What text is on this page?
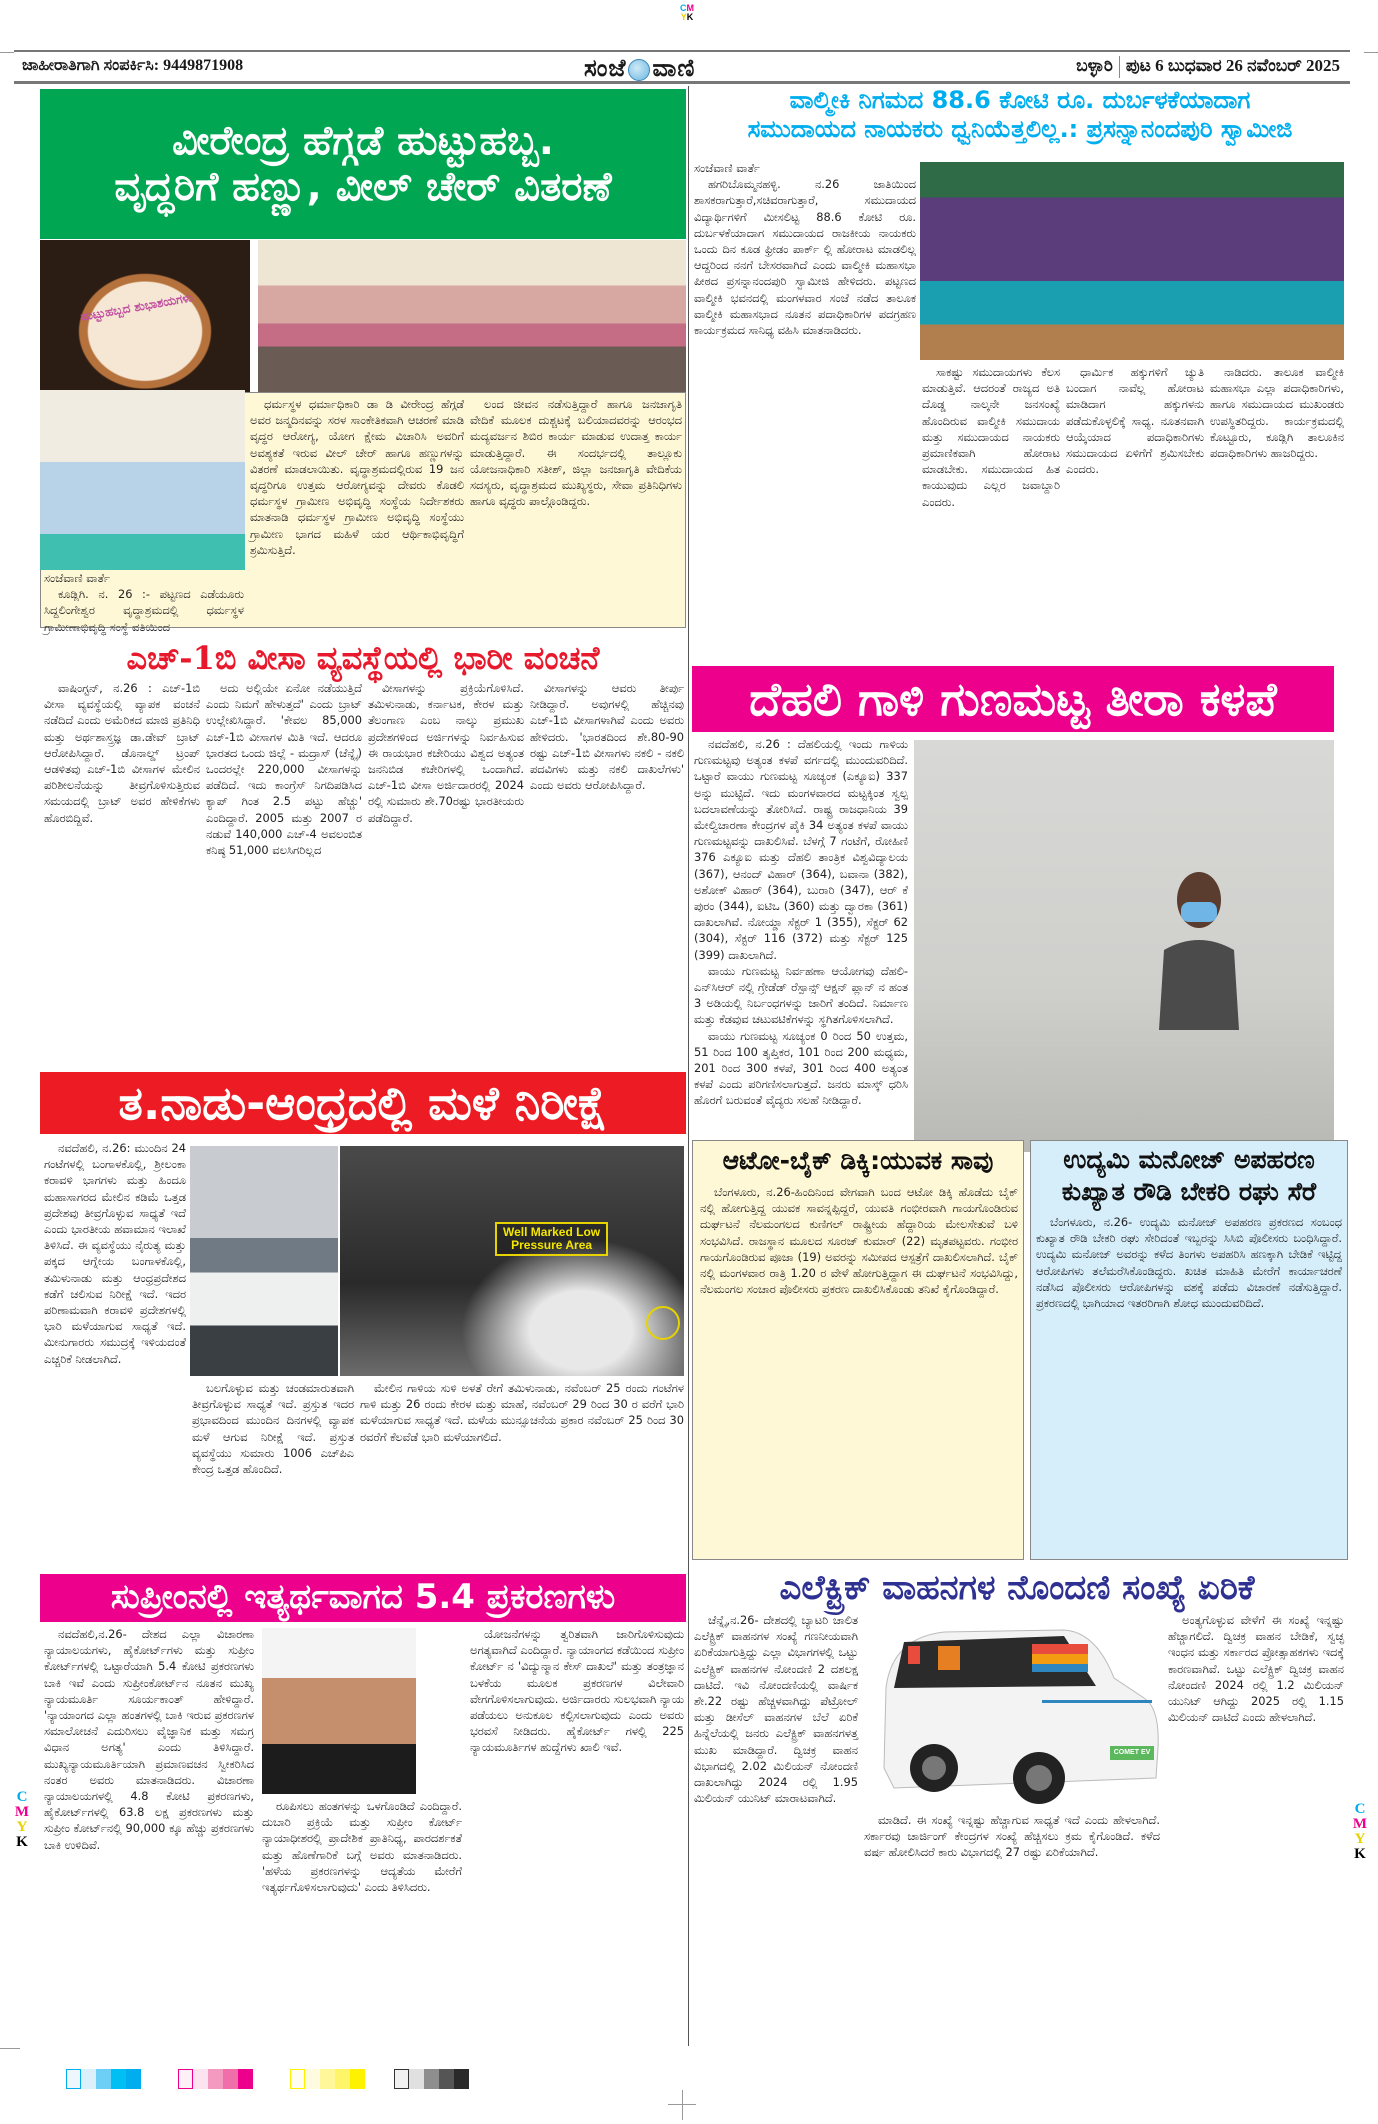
CM
YK
C
M
Y
K
C
M
Y
K
ಜಾಹೀರಾತಿಗಾಗಿ ಸಂಪರ್ಕಿಸಿ: 9449871908	ಸಂಜೆ ವಾಣಿ	ಬಳ್ಳಾರಿ ಪುಟ 6 ಬುಧವಾರ 26 ನವೆಂಬರ್ 2025
ವೀರೇಂದ್ರ ಹೆಗ್ಗಡೆ ಹುಟ್ಟುಹಬ್ಬ.
ವೃದ್ಧರಿಗೆ ಹಣ್ಣು, ವೀಲ್ ಚೇರ್ ವಿತರಣೆ
ಹುಟ್ಟುಹಬ್ಬದ ಶುಭಾಶಯಗಳು

ಸಂಜೆವಾಣಿ ವಾರ್ತೆ

ಕೂಡ್ಲಿಗಿ. ನ. 26 :- ಪಟ್ಟಣದ ಎಡೆಯೂರು ಸಿದ್ದಲಿಂಗೇಶ್ವರ ವೃದ್ಧಾಶ್ರಮದಲ್ಲಿ ಧರ್ಮಸ್ಥಳ ಗ್ರಾಮೀಣಾಭಿವೃದ್ಧಿ ಸಂಸ್ಥೆ ವತಿಯಿಂದ

ಧರ್ಮಸ್ಥಳ ಧರ್ಮಾಧಿಕಾರಿ ಡಾ ಡಿ ವೀರೇಂದ್ರ ಹೆಗ್ಗಡೆ ಅವರ ಜನ್ಮದಿನವನ್ನು ಸರಳ ಸಾಂಕೇತಿಕವಾಗಿ ಆಚರಣೆ ಮಾಡಿ ವೃದ್ಧರ ಆರೋಗ್ಯ, ಯೋಗ ಕ್ಷೇಮ ವಿಚಾರಿಸಿ ಅವರಿಗೆ ಅವಶ್ಯಕತೆ ಇರುವ ವೀಲ್ ಚೇರ್ ಹಾಗೂ ಹಣ್ಣುಗಳನ್ನು ವಿತರಣೆ ಮಾಡಲಾಯಿತು. ವೃದ್ಧಾಶ್ರಮದಲ್ಲಿರುವ 19 ಜನ ವೃದ್ಧರಿಗೂ ಉತ್ತಮ ಆರೋಗ್ಯವನ್ನು ದೇವರು ಕೊಡಲಿ ಧರ್ಮಸ್ಥಳ ಗ್ರಾಮೀಣ ಅಭಿವೃದ್ಧಿ ಸಂಸ್ಥೆಯ ನಿರ್ದೇಶಕರು ಮಾತನಾಡಿ ಧರ್ಮಸ್ಥಳ ಗ್ರಾಮೀಣ ಅಭಿವೃದ್ಧಿ ಸಂಸ್ಥೆಯು ಗ್ರಾಮೀಣ ಭಾಗದ ಮಹಿಳೆ ಯರ ಆರ್ಥಿಕಾಭಿವೃದ್ಧಿಗೆ ಶ್ರಮಿಸುತ್ತಿದೆ.

ಲಂದ ಜೀವನ ನಡೆಸುತ್ತಿದ್ದಾರೆ ಹಾಗೂ ಜನಜಾಗೃತಿ ವೇದಿಕೆ ಮೂಲಕ ದುಶ್ಚಟಕ್ಕೆ ಬಲಿಯಾದವರನ್ನು ಆರಂಭದ ಮದ್ಯವರ್ಜನ ಶಿಬಿರ ಕಾರ್ಯ ಮಾಡುವ ಉದಾತ್ತ ಕಾರ್ಯ ಮಾಡುತ್ತಿದ್ದಾರೆ. ಈ ಸಂದರ್ಭದಲ್ಲಿ ತಾಲ್ಲೂಕು ಯೋಜನಾಧಿಕಾರಿ ಸತೀಶ್, ಜಿಲ್ಲಾ ಜನಜಾಗೃತಿ ವೇದಿಕೆಯ ಸದಸ್ಯರು, ವೃದ್ಧಾಶ್ರಮದ ಮುಖ್ಯಸ್ಥರು, ಸೇವಾ ಪ್ರತಿನಿಧಿಗಳು ಹಾಗೂ ವೃದ್ಧರು ಪಾಲ್ಗೊಂಡಿದ್ದರು.

ಎಚ್-1ಬಿ ವೀಸಾ ವ್ಯವಸ್ಥೆಯಲ್ಲಿ ಭಾರೀ ವಂಚನೆ

ವಾಷಿಂಗ್ಟನ್, ನ.26 : ಎಚ್-1ಬಿ ವೀಸಾ ವ್ಯವಸ್ಥೆಯಲ್ಲಿ ವ್ಯಾಪಕ ವಂಚನೆ ನಡೆದಿದೆ ಎಂದು ಅಮೆರಿಕದ ಮಾಜಿ ಪ್ರತಿನಿಧಿ ಮತ್ತು ಅರ್ಥಶಾಸ್ತ್ರಜ್ಞ ಡಾ.ಡೇವ್ ಬ್ರಾಟ್ ಆರೋಪಿಸಿದ್ದಾರೆ. ಡೊನಾಲ್ಡ್ ಟ್ರಂಪ್ ಆಡಳಿತವು ಎಚ್-1ಬಿ ವೀಸಾಗಳ ಮೇಲಿನ ಪರಿಶೀಲನೆಯನ್ನು ತೀವ್ರಗೊಳಿಸುತ್ತಿರುವ ಸಮಯದಲ್ಲಿ ಬ್ರಾಟ್ ಅವರ ಹೇಳಿಕೆಗಳು ಹೊರಬಿದ್ದಿವೆ.

ಅದು ಅಲ್ಲಿಯೇ ಏನೋ ನಡೆಯುತ್ತಿದೆ ಎಂದು ನಿಮಗೆ ಹೇಳುತ್ತದೆ' ಎಂದು ಬ್ರಾಟ್ ಉಲ್ಲೇಖಿಸಿದ್ದಾರೆ. 'ಕೇವಲ 85,000 ಎಚ್-1ಬಿ ವೀಸಾಗಳ ಮಿತಿ ಇದೆ. ಆದರೂ ಭಾರತದ ಒಂದು ಜಿಲ್ಲೆ - ಮದ್ರಾಸ್ (ಚೆನ್ನೈ) ಒಂದರಲ್ಲೇ 220,000 ವೀಸಾಗಳನ್ನು ಪಡೆದಿದೆ. ಇದು ಕಾಂಗ್ರೆಸ್ ನಿಗದಿಪಡಿಸಿದ ಕ್ಯಾಪ್ ಗಿಂತ 2.5 ಪಟ್ಟು ಹೆಚ್ಚು' ಎಂದಿದ್ದಾರೆ. 2005 ಮತ್ತು 2007 ರ ನಡುವೆ 140,000 ಎಚ್-4 ಅವಲಂಬಿತ ಕನಿಷ್ಠ 51,000 ವಲಸಿಗರಿಲ್ಲದ

ವೀಸಾಗಳನ್ನು ಪ್ರಕ್ರಿಯೆಗೊಳಿಸಿದೆ. ತಮಿಳುನಾಡು, ಕರ್ನಾಟಕ, ಕೇರಳ ಮತ್ತು ತೆಲಂಗಾಣ ಎಂಬ ನಾಲ್ಕು ಪ್ರಮುಖ ಪ್ರದೇಶಗಳಿಂದ ಅರ್ಜಿಗಳನ್ನು ನಿರ್ವಹಿಸುವ ಈ ರಾಯಭಾರ ಕಚೇರಿಯು ವಿಶ್ವದ ಅತ್ಯಂತ ಜನನಿಬಿಡ ಕಚೇರಿಗಳಲ್ಲಿ ಒಂದಾಗಿದೆ. ಎಚ್-1ಬಿ ವೀಸಾ ಅರ್ಜಿದಾರರಲ್ಲಿ 2024 ರಲ್ಲಿ ಸುಮಾರು ಶೇ.70ರಷ್ಟು ಭಾರತೀಯರು ಪಡೆದಿದ್ದಾರೆ.

ವೀಸಾಗಳನ್ನು ಆವರು ತೀರ್ಪು ನೀಡಿದ್ದಾರೆ. ಅವುಗಳಲ್ಲಿ ಹೆಚ್ಚಿನವು ಎಚ್-1ಬಿ ವೀಸಾಗಳಾಗಿವೆ ಎಂದು ಅವರು ಹೇಳಿದರು. 'ಭಾರತದಿಂದ ಶೇ.80-90 ರಷ್ಟು ಎಚ್-1ಬಿ ವೀಸಾಗಳು ನಕಲಿ - ನಕಲಿ ಪದವಿಗಳು ಮತ್ತು ನಕಲಿ ದಾಖಲೆಗಳು' ಎಂದು ಅವರು ಆರೋಪಿಸಿದ್ದಾರೆ.

ತ.ನಾಡು-ಆಂಧ್ರದಲ್ಲಿ ಮಳೆ ನಿರೀಕ್ಷೆ

ನವದೆಹಲಿ, ನ.26: ಮುಂದಿನ 24 ಗಂಟೆಗಳಲ್ಲಿ ಬಂಗಾಳಕೊಲ್ಲಿ, ಶ್ರೀಲಂಕಾ ಕರಾವಳಿ ಭಾಗಗಳು ಮತ್ತು ಹಿಂದೂ ಮಹಾಸಾಗರದ ಮೇಲಿನ ಕಡಿಮೆ ಒತ್ತಡ ಪ್ರದೇಶವು ತೀವ್ರಗೊಳ್ಳುವ ಸಾಧ್ಯತೆ ಇದೆ ಎಂದು ಭಾರತೀಯ ಹವಾಮಾನ ಇಲಾಖೆ ತಿಳಿಸಿದೆ. ಈ ವ್ಯವಸ್ಥೆಯು ನೈರುತ್ಯ ಮತ್ತು ಪಕ್ಕದ ಆಗ್ನೇಯ ಬಂಗಾಳಕೊಲ್ಲಿ, ತಮಿಳುನಾಡು ಮತ್ತು ಆಂಧ್ರಪ್ರದೇಶದ ಕಡೆಗೆ ಚಲಿಸುವ ನಿರೀಕ್ಷೆ ಇದೆ. ಇದರ ಪರಿಣಾಮವಾಗಿ ಕರಾವಳಿ ಪ್ರದೇಶಗಳಲ್ಲಿ ಭಾರಿ ಮಳೆಯಾಗುವ ಸಾಧ್ಯತೆ ಇದೆ. ಮೀನುಗಾರರು ಸಮುದ್ರಕ್ಕೆ ಇಳಿಯದಂತೆ ಎಚ್ಚರಿಕೆ ನೀಡಲಾಗಿದೆ.

Well Marked Low
Pressure Area

ಬಲಗೊಳ್ಳುವ ಮತ್ತು ಚಂಡಮಾರುತವಾಗಿ ತೀವ್ರಗೊಳ್ಳುವ ಸಾಧ್ಯತೆ ಇದೆ. ಪ್ರಸ್ತುತ ಇದರ ಪ್ರಭಾವದಿಂದ ಮುಂದಿನ ದಿನಗಳಲ್ಲಿ ವ್ಯಾಪಕ ಮಳೆ ಆಗುವ ನಿರೀಕ್ಷೆ ಇದೆ. ಪ್ರಸ್ತುತ ವ್ಯವಸ್ಥೆಯು ಸುಮಾರು 1006 ಎಚ್‌ಪಿಎ ಕೇಂದ್ರ ಒತ್ತಡ ಹೊಂದಿದೆ.

ಮೇಲಿನ ಗಾಳಿಯ ಸುಳಿ ಅಳತೆ ರೇಗೆ ತಮಿಳುನಾಡು, ನವೆಂಬರ್ 25 ರಂದು ಗಂಟೆಗಳ ಗಾಳಿ ಮತ್ತು 26 ರಂದು ಕೇರಳ ಮತ್ತು ಮಾಹೆ, ನವೆಂಬರ್ 29 ರಿಂದ 30 ರ ವರೆಗೆ ಭಾರಿ ಮಳೆಯಾಗುವ ಸಾಧ್ಯತೆ ಇದೆ. ಮಳೆಯ ಮುನ್ಸೂಚನೆಯ ಪ್ರಕಾರ ನವೆಂಬರ್ 25 ರಿಂದ 30 ರವರೆಗೆ ಕೆಲವೆಡೆ ಭಾರಿ ಮಳೆಯಾಗಲಿದೆ.

ಸುಪ್ರೀಂನಲ್ಲಿ ಇತ್ಯರ್ಥವಾಗದ 5.4 ಪ್ರಕರಣಗಳು

ನವದೆಹಲಿ,ನ.26- ದೇಶದ ಎಲ್ಲಾ ವಿಚಾರಣಾ ನ್ಯಾಯಾಲಯಗಳು, ಹೈಕೋರ್ಟ್‌ಗಳು ಮತ್ತು ಸುಪ್ರೀಂ ಕೋರ್ಟ್‌ಗಳಲ್ಲಿ ಒಟ್ಟಾರೆಯಾಗಿ 5.4 ಕೋಟಿ ಪ್ರಕರಣಗಳು ಬಾಕಿ ಇವೆ ಎಂದು ಸುಪ್ರೀಂಕೋರ್ಟ್‌ನ ನೂತನ ಮುಖ್ಯ ನ್ಯಾಯಮೂರ್ತಿ ಸೂರ್ಯಕಾಂತ್ ಹೇಳಿದ್ದಾರೆ. 'ನ್ಯಾಯಾಂಗದ ಎಲ್ಲಾ ಹಂತಗಳಲ್ಲಿ ಬಾಕಿ ಇರುವ ಪ್ರಕರಣಗಳ ಸಮಾಲೋಚನೆ ಎದುರಿಸಲು ವೈಜ್ಞಾನಿಕ ಮತ್ತು ಸಮಗ್ರ ವಿಧಾನ ಅಗತ್ಯ' ಎಂದು ತಿಳಿಸಿದ್ದಾರೆ. ಮುಖ್ಯನ್ಯಾಯಮೂರ್ತಿಯಾಗಿ ಪ್ರಮಾಣವಚನ ಸ್ವೀಕರಿಸಿದ ನಂತರ ಅವರು ಮಾತನಾಡಿದರು. ವಿಚಾರಣಾ ನ್ಯಾಯಾಲಯಗಳಲ್ಲಿ 4.8 ಕೋಟಿ ಪ್ರಕರಣಗಳು, ಹೈಕೋರ್ಟ್‌ಗಳಲ್ಲಿ 63.8 ಲಕ್ಷ ಪ್ರಕರಣಗಳು ಮತ್ತು ಸುಪ್ರೀಂ ಕೋರ್ಟ್‌ನಲ್ಲಿ 90,000 ಕ್ಕೂ ಹೆಚ್ಚು ಪ್ರಕರಣಗಳು ಬಾಕಿ ಉಳಿದಿವೆ.

ರೂಪಿಸಲು ಹಂತಗಳನ್ನು ಒಳಗೊಂಡಿದೆ ಎಂದಿದ್ದಾರೆ. ದುಬಾರಿ ಪ್ರಕ್ರಿಯೆ ಮತ್ತು ಸುಪ್ರೀಂ ಕೋರ್ಟ್ ನ್ಯಾಯಾಧೀಶರಲ್ಲಿ ಪ್ರಾದೇಶಿಕ ಪ್ರಾತಿನಿಧ್ಯ, ಪಾರದರ್ಶಕತೆ ಮತ್ತು ಹೊಣೆಗಾರಿಕೆ ಬಗ್ಗೆ ಅವರು ಮಾತನಾಡಿದರು. 'ಹಳೆಯ ಪ್ರಕರಣಗಳನ್ನು ಆದ್ಯತೆಯ ಮೇರೆಗೆ ಇತ್ಯರ್ಥಗೊಳಿಸಲಾಗುವುದು' ಎಂದು ತಿಳಿಸಿದರು.

ಯೋಜನೆಗಳನ್ನು ತ್ವರಿತವಾಗಿ ಜಾರಿಗೊಳಿಸುವುದು ಅಗತ್ಯವಾಗಿದೆ ಎಂದಿದ್ದಾರೆ. ನ್ಯಾಯಾಂಗದ ಕಡೆಯಿಂದ ಸುಪ್ರೀಂ ಕೋರ್ಟ್ ನ 'ವಿದ್ಯುನ್ಮಾನ ಕೇಸ್ ದಾಖಲೆ' ಮತ್ತು ತಂತ್ರಜ್ಞಾನ ಬಳಕೆಯ ಮೂಲಕ ಪ್ರಕರಣಗಳ ವಿಲೇವಾರಿ ವೇಗಗೊಳಿಸಲಾಗುವುದು. ಅರ್ಜಿದಾರರು ಸುಲಭವಾಗಿ ನ್ಯಾಯ ಪಡೆಯಲು ಅನುಕೂಲ ಕಲ್ಪಿಸಲಾಗುವುದು ಎಂದು ಅವರು ಭರವಸೆ ನೀಡಿದರು. ಹೈಕೋರ್ಟ್ ಗಳಲ್ಲಿ 225 ನ್ಯಾಯಮೂರ್ತಿಗಳ ಹುದ್ದೆಗಳು ಖಾಲಿ ಇವೆ.

ವಾಲ್ಮೀಕಿ ನಿಗಮದ 88.6 ಕೋಟಿ ರೂ. ದುರ್ಬಳಕೆಯಾದಾಗ
ಸಮುದಾಯದ ನಾಯಕರು ಧ್ವನಿಯೆತ್ತಲಿಲ್ಲ.: ಪ್ರಸನ್ನಾನಂದಪುರಿ ಸ್ವಾಮೀಜಿ

ಸಂಜೆವಾಣಿ ವಾರ್ತೆ

ಹಗರಿಬೊಮ್ಮನಹಳ್ಳಿ. ನ.26 ಜಾತಿಯಿಂದ ಶಾಸಕರಾಗುತ್ತಾರೆ,ಸಚಿವರಾಗುತ್ತಾರೆ, ಸಮುದಾಯದ ವಿದ್ಯಾರ್ಥಿಗಳಿಗೆ ಮೀಸಲಿಟ್ಟ 88.6 ಕೋಟಿ ರೂ. ದುರ್ಬಳಕೆಯಾದಾಗ ಸಮುದಾಯದ ರಾಜಕೀಯ ನಾಯಕರು ಒಂದು ದಿನ ಕೂಡ ಫ್ರೀಡಂ ಪಾರ್ಕ್ ಲ್ಲಿ ಹೋರಾಟ ಮಾಡಲಿಲ್ಲ ಆದ್ದರಿಂದ ನನಗೆ ಬೇಸರವಾಗಿದೆ ಎಂದು ವಾಲ್ಮೀಕಿ ಮಹಾಸಭಾ ಪೀಠದ ಪ್ರಸನ್ನಾನಂದಪುರಿ ಸ್ವಾಮೀಜಿ ಹೇಳಿದರು. ಪಟ್ಟಣದ ವಾಲ್ಮೀಕಿ ಭವನದಲ್ಲಿ ಮಂಗಳವಾರ ಸಂಜೆ ನಡೆದ ತಾಲೂಕ ವಾಲ್ಮೀಕಿ ಮಹಾಸಭಾದ ನೂತನ ಪದಾಧಿಕಾರಿಗಳ ಪದಗ್ರಹಣ ಕಾರ್ಯಕ್ರಮದ ಸಾನಿಧ್ಯ ವಹಿಸಿ ಮಾತನಾಡಿದರು.

ಸಾಕಷ್ಟು ಸಮುದಾಯಗಳು ಕೆಲಸ ಮಾಡುತ್ತಿವೆ. ಆದರಂತೆ ರಾಜ್ಯದ ಅತಿ ದೊಡ್ಡ ನಾಲ್ಕನೇ ಜನಸಂಖ್ಯೆ ಹೊಂದಿರುವ ವಾಲ್ಮೀಕಿ ಸಮುದಾಯ ಮತ್ತು ಸಮುದಾಯದ ನಾಯಕರು ಪ್ರಮಾಣಿಕವಾಗಿ ಹೋರಾಟ ಮಾಡಬೇಕು. ಸಮುದಾಯದ ಹಿತ ಕಾಯುವುದು ಎಲ್ಲರ ಜವಾಬ್ದಾರಿ ಎಂದರು.

ಧಾರ್ಮಿಕ ಹಕ್ಕುಗಳಿಗೆ ಚ್ಯುತಿ ಬಂದಾಗ ನಾವೆಲ್ಲ ಹೋರಾಟ ಮಾಡಿದಾಗ ಹಕ್ಕುಗಳನು ಪಡೆದುಕೊಳ್ಳಲಿಕ್ಕೆ ಸಾಧ್ಯ. ನೂತನವಾಗಿ ಆಯ್ಕೆಯಾದ ಪದಾಧಿಕಾರಿಗಳು ಸಮುದಾಯದ ಏಳಿಗೆಗೆ ಶ್ರಮಿಸಬೇಕು ಎಂದರು.

ನಾಡಿದರು. ತಾಲೂಕ ವಾಲ್ಮೀಕಿ ಮಹಾಸಭಾ ಎಲ್ಲಾ ಪದಾಧಿಕಾರಿಗಳು, ಹಾಗೂ ಸಮುದಾಯದ ಮುಖಂಡರು ಉಪಸ್ಥಿತರಿದ್ದರು. ಕಾರ್ಯಕ್ರಮದಲ್ಲಿ ಕೊಟ್ಟೂರು, ಕೂಡ್ಲಿಗಿ ತಾಲೂಕಿನ ಪದಾಧಿಕಾರಿಗಳು ಹಾಜರಿದ್ದರು.

ದೆಹಲಿ ಗಾಳಿ ಗುಣಮಟ್ಟ ತೀರಾ ಕಳಪೆ

ನವದೆಹಲಿ, ನ.26 : ದೆಹಲಿಯಲ್ಲಿ ಇಂದು ಗಾಳಿಯ ಗುಣಮಟ್ಟವು ಅತ್ಯಂತ ಕಳಪೆ ವರ್ಗದಲ್ಲಿ ಮುಂದುವರಿದಿದೆ. ಒಟ್ಟಾರೆ ವಾಯು ಗುಣಮಟ್ಟ ಸೂಚ್ಯಂಕ (ಎಕ್ಯೂಐ) 337 ಅನ್ನು ಮುಟ್ಟಿದೆ. ಇದು ಮಂಗಳವಾರದ ಮಟ್ಟಕ್ಕಿಂತ ಸ್ವಲ್ಪ ಬದಲಾವಣೆಯನ್ನು ತೋರಿಸಿದೆ. ರಾಷ್ಟ್ರ ರಾಜಧಾನಿಯ 39 ಮೇಲ್ವಿಚಾರಣಾ ಕೇಂದ್ರಗಳ ಪೈಕಿ 34 ಅತ್ಯಂತ ಕಳಪೆ ವಾಯು ಗುಣಮಟ್ಟವನ್ನು ದಾಖಲಿಸಿವೆ. ಬೆಳಗ್ಗೆ 7 ಗಂಟೆಗೆ, ರೋಹಿಣಿ 376 ಎಕ್ಯೂಐ ಮತ್ತು ದೆಹಲಿ ತಾಂತ್ರಿಕ ವಿಶ್ವವಿದ್ಯಾಲಯ (367), ಆನಂದ್ ವಿಹಾರ್ (364), ಬವಾನಾ (382), ಅಶೋಕ್ ವಿಹಾರ್ (364), ಬುರಾರಿ (347), ಆರ್ ಕೆ ಪುರಂ (344), ಐಟಿಒ (360) ಮತ್ತು ದ್ವಾರಕಾ (361) ದಾಖಲಾಗಿವೆ. ನೋಯ್ಡಾ ಸೆಕ್ಟರ್ 1 (355), ಸೆಕ್ಟರ್ 62 (304), ಸೆಕ್ಟರ್ 116 (372) ಮತ್ತು ಸೆಕ್ಟರ್ 125 (399) ದಾಖಲಾಗಿದೆ.

ವಾಯು ಗುಣಮಟ್ಟ ನಿರ್ವಹಣಾ ಆಯೋಗವು ದೆಹಲಿ-ಎನ್‌ಸಿಆರ್ ನಲ್ಲಿ ಗ್ರೇಡೆಡ್ ರೆಸ್ಪಾನ್ಸ್ ಆಕ್ಷನ್ ಪ್ಲಾನ್ ನ ಹಂತ 3 ಅಡಿಯಲ್ಲಿ ನಿರ್ಬಂಧಗಳನ್ನು ಜಾರಿಗೆ ತಂದಿದೆ. ನಿರ್ಮಾಣ ಮತ್ತು ಕೆಡವುವ ಚಟುವಟಿಕೆಗಳನ್ನು ಸ್ಥಗಿತಗೊಳಿಸಲಾಗಿದೆ.

ವಾಯು ಗುಣಮಟ್ಟ ಸೂಚ್ಯಂಕ 0 ರಿಂದ 50 ಉತ್ತಮ, 51 ರಿಂದ 100 ತೃಪ್ತಿಕರ, 101 ರಿಂದ 200 ಮಧ್ಯಮ, 201 ರಿಂದ 300 ಕಳಪೆ, 301 ರಿಂದ 400 ಅತ್ಯಂತ ಕಳಪೆ ಎಂದು ಪರಿಗಣಿಸಲಾಗುತ್ತದೆ. ಜನರು ಮಾಸ್ಕ್ ಧರಿಸಿ ಹೊರಗೆ ಬರುವಂತೆ ವೈದ್ಯರು ಸಲಹೆ ನೀಡಿದ್ದಾರೆ.

ಆಟೋ-ಬೈಕ್ ಡಿಕ್ಕಿ:ಯುವಕ ಸಾವು

ಬೆಂಗಳೂರು, ನ.26-ಹಿಂದಿನಿಂದ ವೇಗವಾಗಿ ಬಂದ ಆಟೋ ಡಿಕ್ಕಿ ಹೊಡೆದು ಬೈಕ್ ನಲ್ಲಿ ಹೋಗುತ್ತಿದ್ದ ಯುವಕ ಸಾವನ್ನಪ್ಪಿದ್ದರೆ, ಯುವತಿ ಗಂಭೀರವಾಗಿ ಗಾಯಗೊಂಡಿರುವ ದುರ್ಘಟನೆ ನೆಲಮಂಗಲದ ಕುಣಿಗಲ್ ರಾಷ್ಟ್ರೀಯ ಹೆದ್ದಾರಿಯ ಮೇಲಸೇತುವೆ ಬಳಿ ಸಂಭವಿಸಿದೆ. ರಾಜಸ್ಥಾನ ಮೂಲದ ಸೂರಜ್ ಕುಮಾರ್ (22) ಮೃತಪಟ್ಟವರು. ಗಂಭೀರ ಗಾಯಗೊಂಡಿರುವ ಪೂಜಾ (19) ಅವರನ್ನು ಸಮೀಪದ ಆಸ್ಪತ್ರೆಗೆ ದಾಖಲಿಸಲಾಗಿದೆ. ಬೈಕ್ ನಲ್ಲಿ ಮಂಗಳವಾರ ರಾತ್ರಿ 1.20 ರ ವೇಳೆ ಹೋಗುತ್ತಿದ್ದಾಗ ಈ ದುರ್ಘಟನೆ ಸಂಭವಿಸಿದ್ದು, ನೆಲಮಂಗಲ ಸಂಚಾರ ಪೊಲೀಸರು ಪ್ರಕರಣ ದಾಖಲಿಸಿಕೊಂಡು ತನಿಖೆ ಕೈಗೊಂಡಿದ್ದಾರೆ.

ಉದ್ಯಮಿ ಮನೋಜ್ ಅಪಹರಣ
ಕುಖ್ಯಾತ ರೌಡಿ ಬೇಕರಿ ರಘು ಸೆರೆ

ಬೆಂಗಳೂರು, ನ.26- ಉದ್ಯಮಿ ಮನೋಜ್ ಅಪಹರಣ ಪ್ರಕರಣದ ಸಂಬಂಧ ಕುಖ್ಯಾತ ರೌಡಿ ಬೇಕರಿ ರಘು ಸೇರಿದಂತೆ ಇಬ್ಬರನ್ನು ಸಿಸಿಬಿ ಪೊಲೀಸರು ಬಂಧಿಸಿದ್ದಾರೆ. ಉದ್ಯಮಿ ಮನೋಜ್ ಅವರನ್ನು ಕಳೆದ ತಿಂಗಳು ಅಪಹರಿಸಿ ಹಣಕ್ಕಾಗಿ ಬೇಡಿಕೆ ಇಟ್ಟಿದ್ದ ಆರೋಪಿಗಳು ತಲೆಮರೆಸಿಕೊಂಡಿದ್ದರು. ಖಚಿತ ಮಾಹಿತಿ ಮೇರೆಗೆ ಕಾರ್ಯಾಚರಣೆ ನಡೆಸಿದ ಪೊಲೀಸರು ಆರೋಪಿಗಳನ್ನು ವಶಕ್ಕೆ ಪಡೆದು ವಿಚಾರಣೆ ನಡೆಸುತ್ತಿದ್ದಾರೆ. ಪ್ರಕರಣದಲ್ಲಿ ಭಾಗಿಯಾದ ಇತರರಿಗಾಗಿ ಶೋಧ ಮುಂದುವರಿದಿದೆ.

ಎಲೆಕ್ಟ್ರಿಕ್ ವಾಹನಗಳ ನೊಂದಣಿ ಸಂಖ್ಯೆ ಏರಿಕೆ

ಚೆನ್ನೈ,ನ.26- ದೇಶದಲ್ಲಿ ಬ್ಯಾಟರಿ ಚಾಲಿತ ಎಲೆಕ್ಟ್ರಿಕ್ ವಾಹನಗಳ ಸಂಖ್ಯೆ ಗಣನೀಯವಾಗಿ ಏರಿಕೆಯಾಗುತ್ತಿದ್ದು ಎಲ್ಲಾ ವಿಭಾಗಗಳಲ್ಲಿ ಒಟ್ಟು ಎಲೆಕ್ಟ್ರಿಕ್ ವಾಹನಗಳ ನೋಂದಣಿ 2 ದಶಲಕ್ಷ ದಾಟಿದೆ. ಇವಿ ನೋಂದಣಿಯಲ್ಲಿ ವಾರ್ಷಿಕ ಶೇ.22 ರಷ್ಟು ಹೆಚ್ಚಳವಾಗಿದ್ದು ಪೆಟ್ರೋಲ್ ಮತ್ತು ಡೀಸೆಲ್ ವಾಹನಗಳ ಬೆಲೆ ಏರಿಕೆ ಹಿನ್ನೆಲೆಯಲ್ಲಿ ಜನರು ಎಲೆಕ್ಟ್ರಿಕ್ ವಾಹನಗಳತ್ತ ಮುಖ ಮಾಡಿದ್ದಾರೆ. ದ್ವಿಚಕ್ರ ವಾಹನ ವಿಭಾಗದಲ್ಲಿ 2.02 ಮಿಲಿಯನ್ ನೋಂದಣಿ ದಾಖಲಾಗಿದ್ದು 2024 ರಲ್ಲಿ 1.95 ಮಿಲಿಯನ್ ಯುನಿಟ್ ಮಾರಾಟವಾಗಿದೆ.

COMET EV

ಮಾಡಿದೆ. ಈ ಸಂಖ್ಯೆ ಇನ್ನಷ್ಟು ಹೆಚ್ಚಾಗುವ ಸಾಧ್ಯತೆ ಇದೆ ಎಂದು ಹೇಳಲಾಗಿದೆ. ಸರ್ಕಾರವು ಚಾರ್ಜಿಂಗ್ ಕೇಂದ್ರಗಳ ಸಂಖ್ಯೆ ಹೆಚ್ಚಿಸಲು ಕ್ರಮ ಕೈಗೊಂಡಿದೆ. ಕಳೆದ ವರ್ಷ ಹೋಲಿಸಿದರೆ ಕಾರು ವಿಭಾಗದಲ್ಲಿ 27 ರಷ್ಟು ಏರಿಕೆಯಾಗಿದೆ.

ಅಂತ್ಯಗೊಳ್ಳುವ ವೇಳೆಗೆ ಈ ಸಂಖ್ಯೆ ಇನ್ನಷ್ಟು ಹೆಚ್ಚಾಗಲಿದೆ. ದ್ವಿಚಕ್ರ ವಾಹನ ಬೇಡಿಕೆ, ಸ್ವಚ್ಛ ಇಂಧನ ಮತ್ತು ಸರ್ಕಾರದ ಪ್ರೋತ್ಸಾಹಕಗಳು ಇದಕ್ಕೆ ಕಾರಣವಾಗಿವೆ. ಒಟ್ಟು ಎಲೆಕ್ಟ್ರಿಕ್ ದ್ವಿಚಕ್ರ ವಾಹನ ನೋಂದಣಿ 2024 ರಲ್ಲಿ 1.2 ಮಿಲಿಯನ್ ಯುನಿಟ್ ಆಗಿದ್ದು 2025 ರಲ್ಲಿ 1.15 ಮಿಲಿಯನ್ ದಾಟಿದೆ ಎಂದು ಹೇಳಲಾಗಿದೆ.
